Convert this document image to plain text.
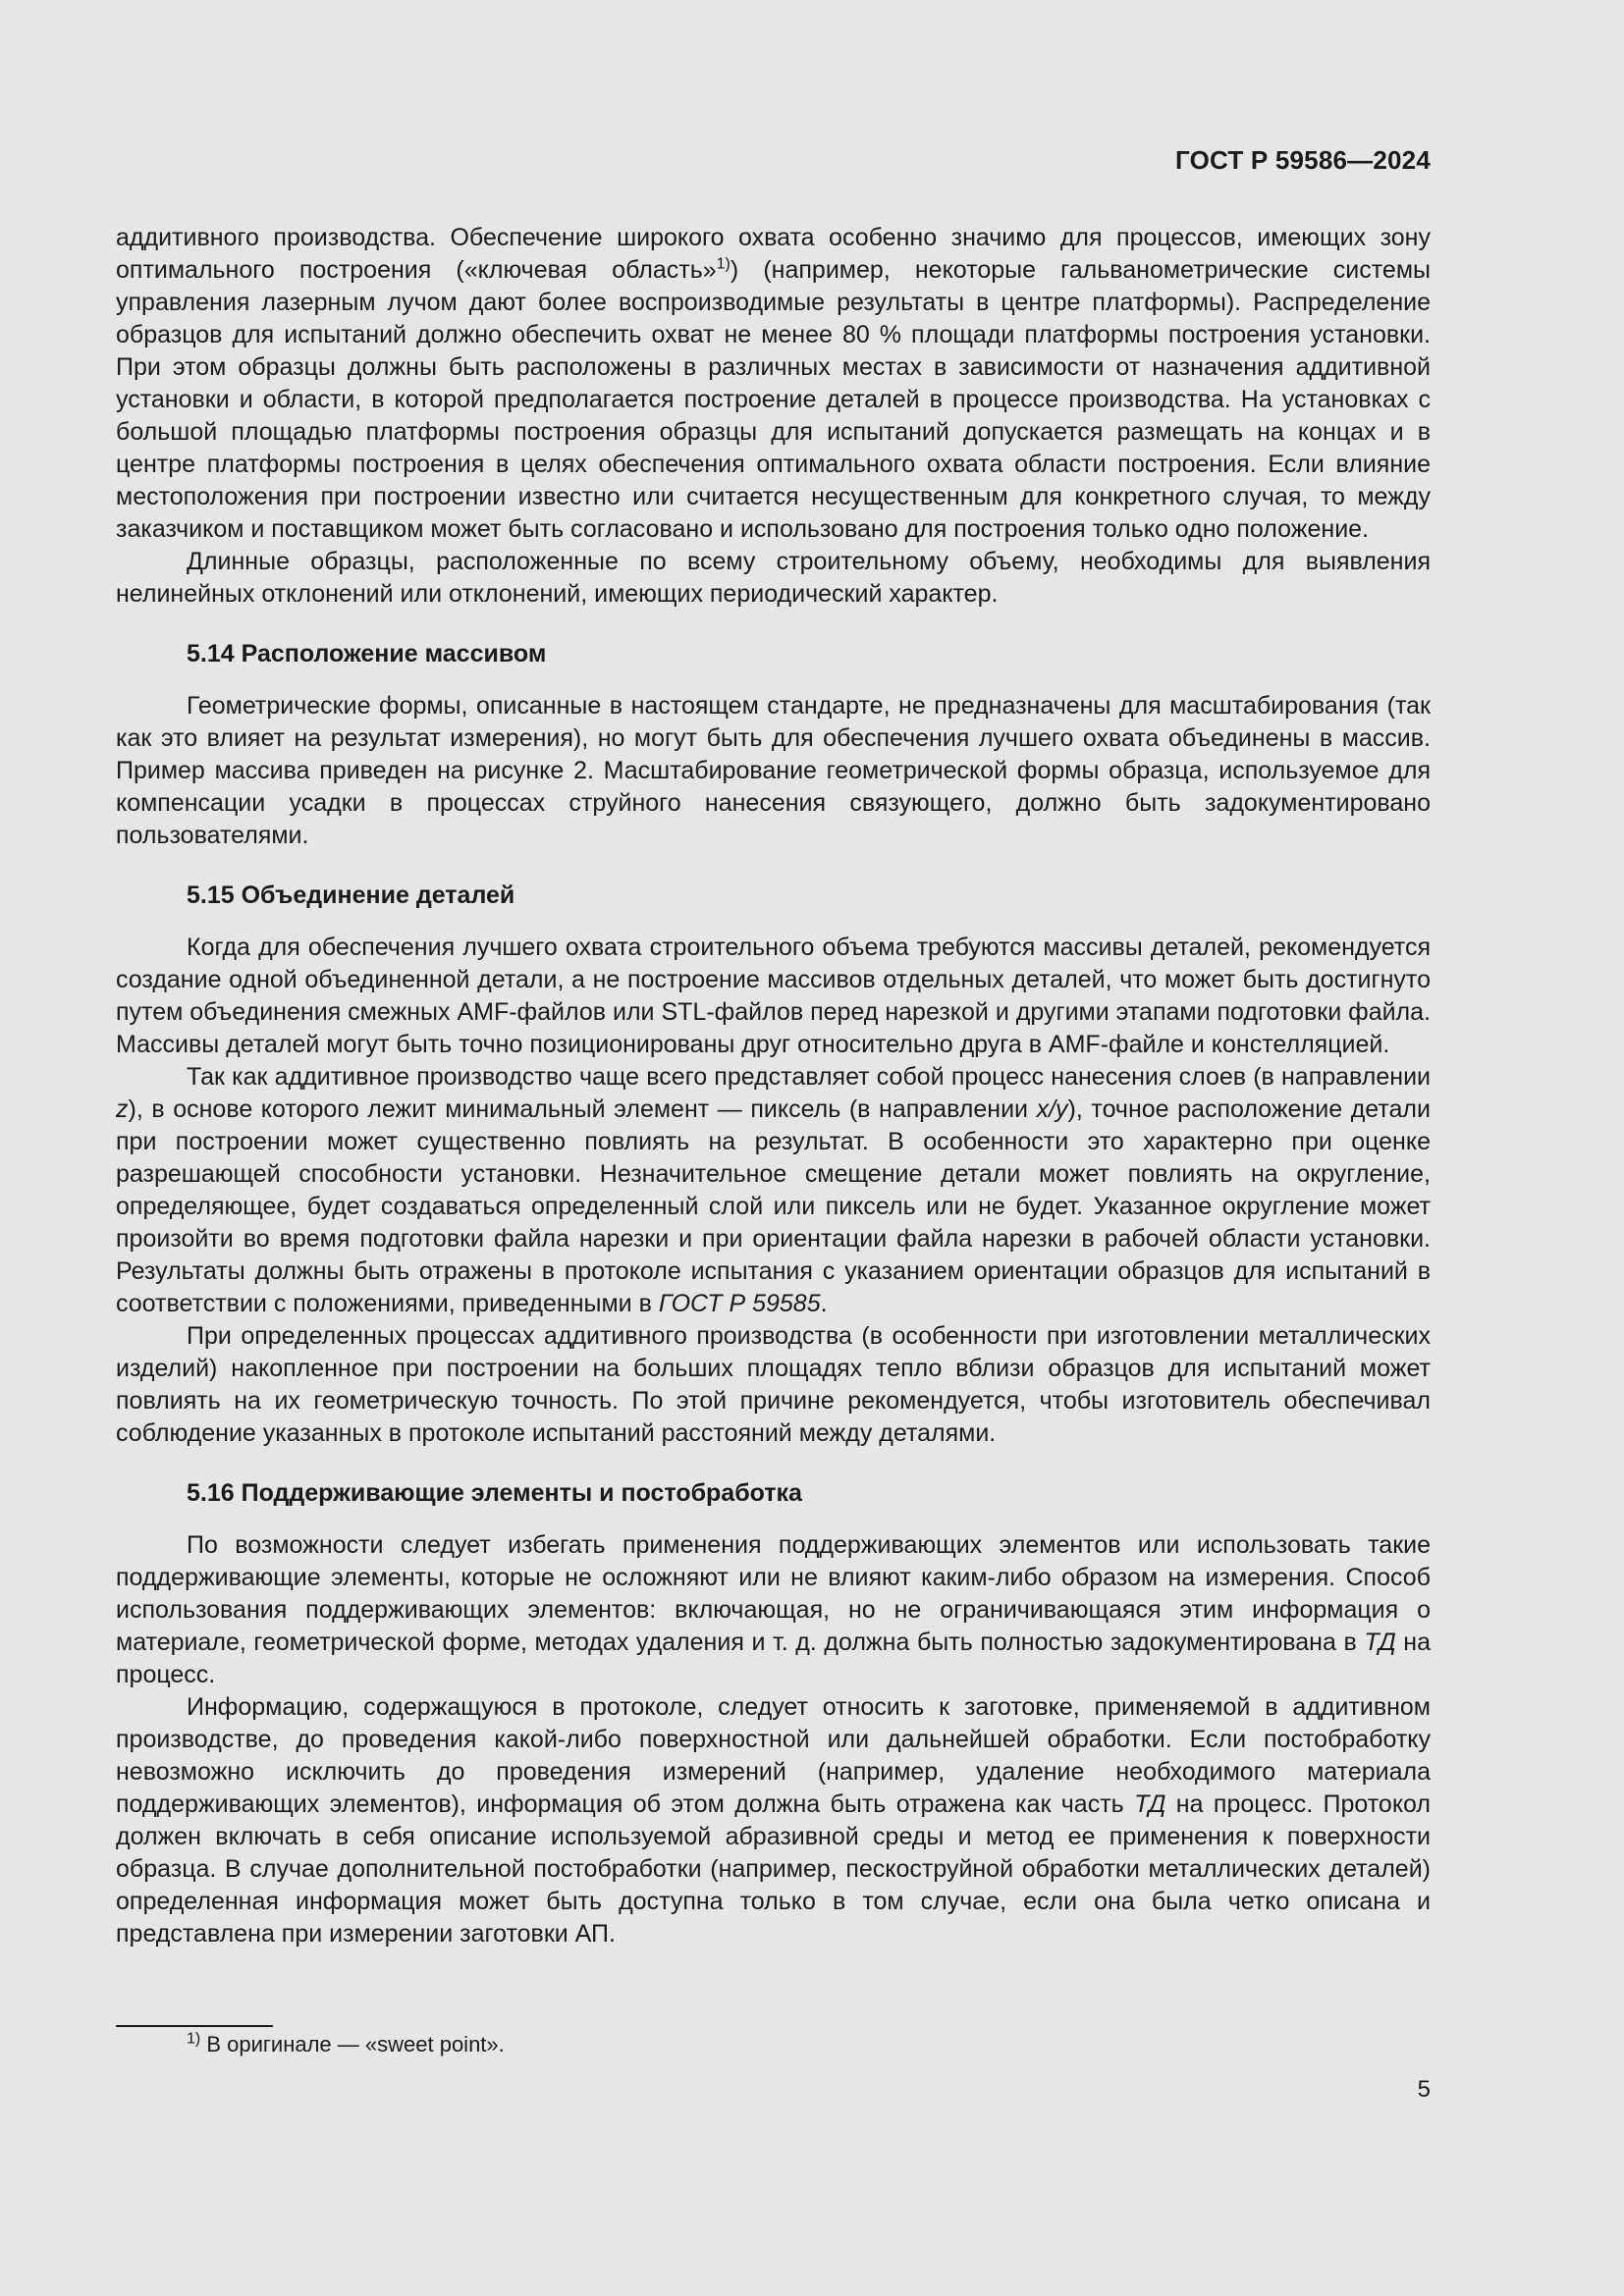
ГОСТ Р 59586—2024

аддитивного производства. Обеспечение широкого охвата особенно значимо для процессов, имеющих зону оптимального построения («ключевая область»$^{1)}$) (например, некоторые гальванометрические системы управления лазерным лучом дают более воспроизводимые результаты в центре платформы). Распределение образцов для испытаний должно обеспечить охват не менее 80 % площади платформы построения установки. При этом образцы должны быть расположены в различных местах в зависимости от назначения аддитивной установки и области, в которой предполагается построение деталей в процессе производства. На установках с большой площадью платформы построения образцы для испытаний допускается размещать на концах и в центре платформы построения в целях обеспечения оптимального охвата области построения. Если влияние местоположения при построении известно или считается несущественным для конкретного случая, то между заказчиком и поставщиком может быть согласовано и использовано для построения только одно положение.

Длинные образцы, расположенные по всему строительному объему, необходимы для выявления нелинейных отклонений или отклонений, имеющих периодический характер.

5.14 Расположение массивом

Геометрические формы, описанные в настоящем стандарте, не предназначены для масштабирования (так как это влияет на результат измерения), но могут быть для обеспечения лучшего охвата объединены в массив. Пример массива приведен на рисунке 2. Масштабирование геометрической формы образца, используемое для компенсации усадки в процессах струйного нанесения связующего, должно быть задокументировано пользователями.

5.15 Объединение деталей

Когда для обеспечения лучшего охвата строительного объема требуются массивы деталей, рекомендуется создание одной объединенной детали, а не построение массивов отдельных деталей, что может быть достигнуто путем объединения смежных AMF-файлов или STL-файлов перед нарезкой и другими этапами подготовки файла. Массивы деталей могут быть точно позиционированы друг относительно друга в AMF-файле и констелляцией.

Так как аддитивное производство чаще всего представляет собой процесс нанесения слоев (в направлении z), в основе которого лежит минимальный элемент — пиксель (в направлении x/y), точное расположение детали при построении может существенно повлиять на результат. В особенности это характерно при оценке разрешающей способности установки. Незначительное смещение детали может повлиять на округление, определяющее, будет создаваться определенный слой или пиксель или не будет. Указанное округление может произойти во время подготовки файла нарезки и при ориентации файла нарезки в рабочей области установки. Результаты должны быть отражены в протоколе испытания с указанием ориентации образцов для испытаний в соответствии с положениями, приведенными в ГОСТ Р 59585.

При определенных процессах аддитивного производства (в особенности при изготовлении металлических изделий) накопленное при построении на больших площадях тепло вблизи образцов для испытаний может повлиять на их геометрическую точность. По этой причине рекомендуется, чтобы изготовитель обеспечивал соблюдение указанных в протоколе испытаний расстояний между деталями.

5.16 Поддерживающие элементы и постобработка

По возможности следует избегать применения поддерживающих элементов или использовать такие поддерживающие элементы, которые не осложняют или не влияют каким-либо образом на измерения. Способ использования поддерживающих элементов: включающая, но не ограничивающаяся этим информация о материале, геометрической форме, методах удаления и т. д. должна быть полностью задокументирована в ТД на процесс.

Информацию, содержащуюся в протоколе, следует относить к заготовке, применяемой в аддитивном производстве, до проведения какой-либо поверхностной или дальнейшей обработки. Если постобработку невозможно исключить до проведения измерений (например, удаление необходимого материала поддерживающих элементов), информация об этом должна быть отражена как часть ТД на процесс. Протокол должен включать в себя описание используемой абразивной среды и метод ее применения к поверхности образца. В случае дополнительной постобработки (например, пескоструйной обработки металлических деталей) определенная информация может быть доступна только в том случае, если она была четко описана и представлена при измерении заготовки АП.

$^{1)}$ В оригинале — «sweet point».
5
